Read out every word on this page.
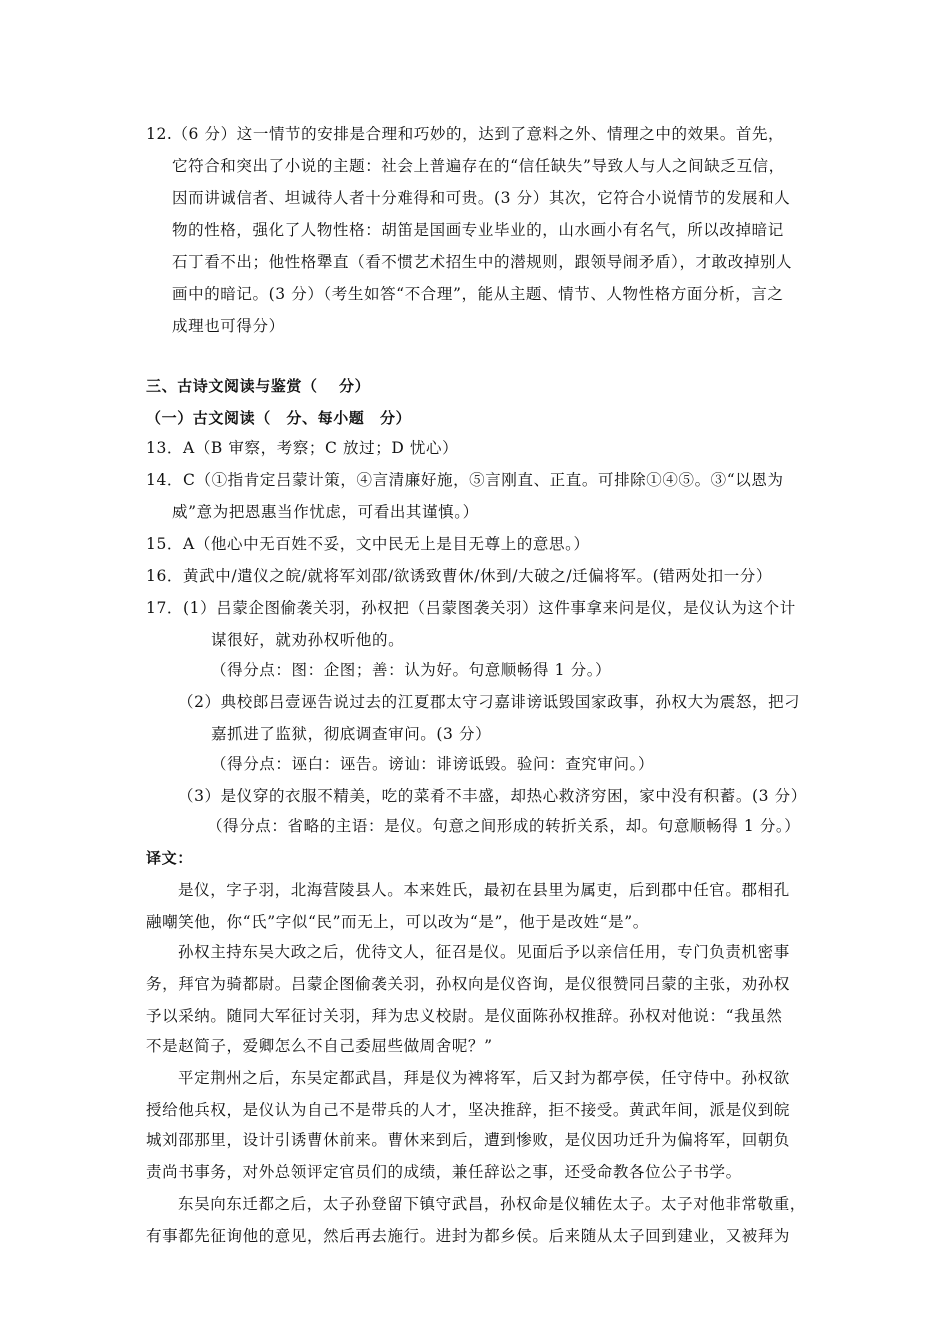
12.（6 分）这一情节的安排是合理和巧妙的，达到了意料之外、情理之中的效果。首先，
它符合和突出了小说的主题：社会上普遍存在的“信任缺失”导致人与人之间缺乏互信，
因而讲诚信者、坦诚待人者十分难得和可贵。(3 分）其次，它符合小说情节的发展和人
物的性格，强化了人物性格：胡笛是国画专业毕业的，山水画小有名气，所以改掉暗记
石丁看不出；他性格犟直（看不惯艺术招生中的潜规则，跟领导闹矛盾），才敢改掉别人
画中的暗记。(3 分）（考生如答“不合理”，能从主题、情节、人物性格方面分析，言之
成理也可得分）
三、古诗文阅读与鉴赏（　 分）
（一）古文阅读（　分、每小题　分）
13．A（B 审察，考察；C 放过；D 忧心）
14．C（①指肯定吕蒙计策，④言清廉好施，⑤言刚直、正直。可排除①④⑤。③“以恩为
威”意为把恩惠当作忧虑，可看出其谨慎。）
15．A（他心中无百姓不妥，文中民无上是目无尊上的意思。）
16．黄武中/遣仪之皖/就将军刘邵/欲诱致曹休/休到/大破之/迁偏将军。(错两处扣一分）
17．(1）吕蒙企图偷袭关羽，孙权把（吕蒙图袭关羽）这件事拿来问是仪，是仪认为这个计
谋很好，就劝孙权听他的。
（得分点：图：企图；善：认为好。句意顺畅得 1 分。）
（2）典校郎吕壹诬告说过去的江夏郡太守刁嘉诽谤诋毁国家政事，孙权大为震怒，把刁
嘉抓进了监狱，彻底调查审问。(3 分）
（得分点：诬白：诬告。谤讪：诽谤诋毁。验问：查究审问。）
（3）是仪穿的衣服不精美，吃的菜肴不丰盛，却热心救济穷困，家中没有积蓄。(3 分）
（得分点：省略的主语：是仪。句意之间形成的转折关系，却。句意顺畅得 1 分。）
译文：
是仪，字子羽，北海营陵县人。本来姓氏，最初在县里为属吏，后到郡中任官。郡相孔
融嘲笑他，你“氏”字似“民”而无上，可以改为“是”，他于是改姓“是”。
孙权主持东吴大政之后，优待文人，征召是仪。见面后予以亲信任用，专门负责机密事
务，拜官为骑都尉。吕蒙企图偷袭关羽，孙权向是仪咨询，是仪很赞同吕蒙的主张，劝孙权
予以采纳。随同大军征讨关羽，拜为忠义校尉。是仪面陈孙权推辞。孙权对他说：“我虽然
不是赵简子，爱卿怎么不自己委屈些做周舍呢？”
平定荆州之后，东吴定都武昌，拜是仪为裨将军，后又封为都亭侯，任守侍中。孙权欲
授给他兵权，是仪认为自己不是带兵的人才，坚决推辞，拒不接受。黄武年间，派是仪到皖
城刘邵那里，设计引诱曹休前来。曹休来到后，遭到惨败，是仪因功迁升为偏将军，回朝负
责尚书事务，对外总领评定官员们的成绩，兼任辞讼之事，还受命教各位公子书学。
东吴向东迁都之后，太子孙登留下镇守武昌，孙权命是仪辅佐太子。太子对他非常敬重，
有事都先征询他的意见，然后再去施行。进封为都乡侯。后来随从太子回到建业，又被拜为
